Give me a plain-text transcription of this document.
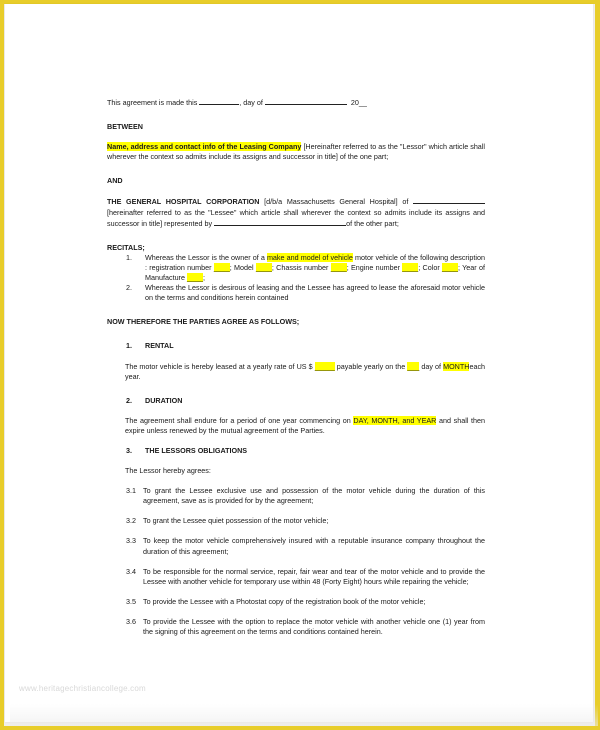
www.heritagechristiancollege.com

This agreement is made this	, day of	20__

BETWEEN

Name, address and contact info of the Leasing Company [Hereinafter referred to as the "Lessor" which article shall wherever the context so admits include its assigns and successor in title] of the one part;

AND

THE GENERAL HOSPITAL CORPORATION [d/b/a Massachusetts General Hospital] of [hereinafter referred to as the "Lessee" which article shall wherever the context so admits include its assigns and successor in title] represented by	of the other part;

RECITALS;

1.	Whereas the Lessor is the owner of a make and model of vehicle motor vehicle of the following description : registration number ____; Model ____; Chassis number ____; Engine number ____; Color ____; Year of Manufacture ____;
2.	Whereas the Lessor is desirous of leasing and the Lessee has agreed to lease the aforesaid motor vehicle on the terms and conditions herein contained

NOW THEREFORE THE PARTIES AGREE AS FOLLOWS;

1.	RENTAL

The motor vehicle is hereby leased at a yearly rate of US $ _____ payable yearly on the ___ day of MONTHeach year.

2.	DURATION

The agreement shall endure for a period of one year commencing on DAY, MONTH, and YEAR and shall then expire unless renewed by the mutual agreement of the Parties.

3.	THE LESSORS OBLIGATIONS

The Lessor hereby agrees:

3.1 To grant the Lessee exclusive use and possession of the motor vehicle during the duration of this agreement, save as is provided for by the agreement;
3.2 To grant the Lessee quiet possession of the motor vehicle;
3.3 To keep the motor vehicle comprehensively insured with a reputable insurance company throughout the duration of this agreement;
3.4 To be responsible for the normal service, repair, fair wear and tear of the motor vehicle and to provide the Lessee with another vehicle for temporary use within 48 (Forty Eight) hours while repairing the vehicle;
3.5 To provide the Lessee with a Photostat copy of the registration book of the motor vehicle;
3.6 To provide the Lessee with the option to replace the motor vehicle with another vehicle one (1) year from the signing of this agreement on the terms and conditions contained herein.
